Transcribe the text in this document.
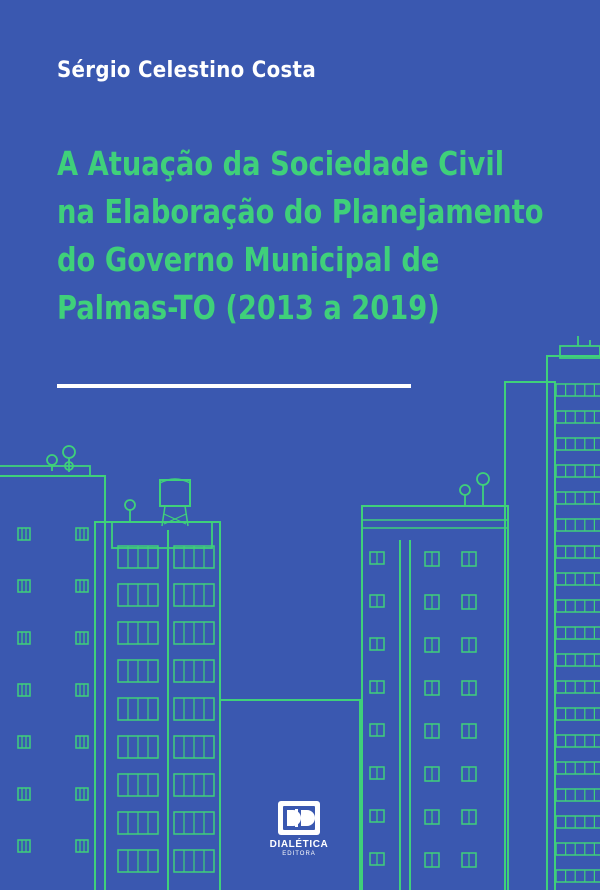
Sérgio Celestino Costa
A Atuação da Sociedade Civil
na Elaboração do Planejamento
do Governo Municipal de
Palmas-TO (2013 a 2019)
DIALÉTICA
EDITORA
